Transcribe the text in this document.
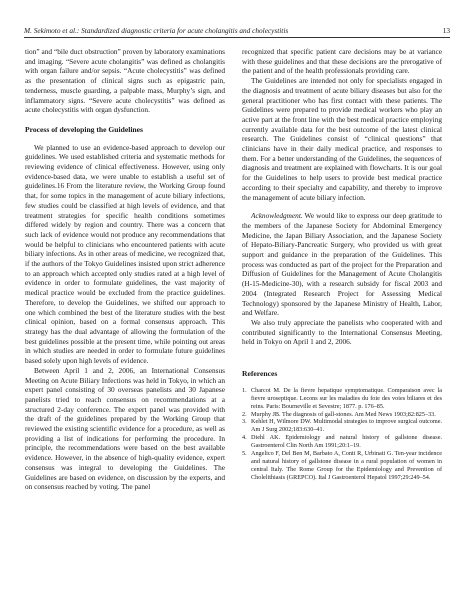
M. Sekimoto et al.: Standardized diagnostic criteria for acute cholangitis and cholecystitis	13

tion” and “bile duct obstruction” proven by laboratory examinations and imaging. “Severe acute cholangitis” was defined as cholangitis with organ failure and/or sepsis. “Acute cholecystitis” was defined as the presentation of clinical signs such as epigastric pain, tenderness, muscle guarding, a palpable mass, Murphy’s sign, and inflammatory signs. “Severe acute cholecystitis” was defined as acute cholecystitis with organ dysfunction.

Process of developing the Guidelines

We planned to use an evidence-based approach to develop our guidelines. We used established criteria and systematic methods for reviewing evidence of clinical effectiveness. However, using only evidence-based data, we were unable to establish a useful set of guidelines.16 From the literature review, the Working Group found that, for some topics in the management of acute biliary infections, few studies could be classified at high levels of evidence, and that treatment strategies for specific health conditions sometimes differed widely by region and country. There was a concern that such lack of evidence would not produce any recommendations that would be helpful to clinicians who encountered patients with acute biliary infections. As in other areas of medicine, we recognized that, if the authors of the Tokyo Guidelines insisted upon strict adherence to an approach which accepted only studies rated at a high level of evidence in order to formulate guidelines, the vast majority of medical practice would be excluded from the practice guidelines. Therefore, to develop the Guidelines, we shifted our approach to one which combined the best of the literature studies with the best clinical opinion, based on a formal consensus approach. This strategy has the dual advantage of allowing the formulation of the best guidelines possible at the present time, while pointing out areas in which studies are needed in order to formulate future guidelines based solely upon high levels of evidence.

Between April 1 and 2, 2006, an International Consensus Meeting on Acute Biliary Infections was held in Tokyo, in which an expert panel consisting of 30 overseas panelists and 30 Japanese panelists tried to reach consensus on recommendations at a structured 2-day conference. The expert panel was provided with the draft of the guidelines prepared by the Working Group that reviewed the existing scientific evidence for a procedure, as well as providing a list of indications for performing the procedure. In principle, the recommendations were based on the best available evidence. However, in the absence of high-quality evidence, expert consensus was integral to developing the Guidelines. The Guidelines are based on evidence, on discussion by the experts, and on consensus reached by voting. The panel

recognized that specific patient care decisions may be at variance with these guidelines and that these decisions are the prerogative of the patient and of the health professionals providing care.

The Guidelines are intended not only for specialists engaged in the diagnosis and treatment of acute biliary diseases but also for the general practitioner who has first contact with these patients. The Guidelines were prepared to provide medical workers who play an active part at the front line with the best medical practice employing currently available data for the best outcome of the latest clinical research. The Guidelines consist of “clinical questions” that clinicians have in their daily medical practice, and responses to them. For a better understanding of the Guidelines, the sequences of diagnosis and treatment are explained with flowcharts. It is our goal for the Guidelines to help users to provide best medical practice according to their specialty and capability, and thereby to improve the management of acute biliary infection.

Acknowledgment. We would like to express our deep gratitude to the members of the Japanese Society for Abdominal Emergency Medicine, the Japan Biliary Association, and the Japanese Society of Hepato-Biliary-Pancreatic Surgery, who provided us with great support and guidance in the preparation of the Guidelines. This process was conducted as part of the project for the Preparation and Diffusion of Guidelines for the Management of Acute Cholangitis (H-15-Medicine-30), with a research subsidy for fiscal 2003 and 2004 (Integrated Research Project for Assessing Medical Technology) sponsored by the Japanese Ministry of Health, Labor, and Welfare.

We also truly appreciate the panelists who cooperated with and contributed significantly to the International Consensus Meeting, held in Tokyo on April 1 and 2, 2006.

References
1. Charcot M. De la fievre hepatique symptomatique. Comparaison avec la fievre uroseptique. Lecons sur les maladies du foie des voies biliares et des reins. Paris: Bourneville et Sevestre; 1877. p. 176–85.
2. Murphy JB. The diagnosis of gall-stones. Am Med News 1903;82:825–33.
3. Kehlet H, Wilmore DW. Multimodal strategies to improve surgical outcome. Am J Surg 2002;183:630–41.
4. Diehl AK. Epidemiology and natural history of gallstone disease. Gastroenterol Clin North Am 1991;20:1–19.
5. Angelico F, Del Ben M, Barbato A, Conti R, Urbinati G. Ten-year incidence and natural history of gallstone disease in a rural population of women in central Italy. The Rome Group for the Epidemiology and Prevention of Cholelithiasis (GREPCO). Ital J Gastroenterol Hepatol 1997;29:249–54.
